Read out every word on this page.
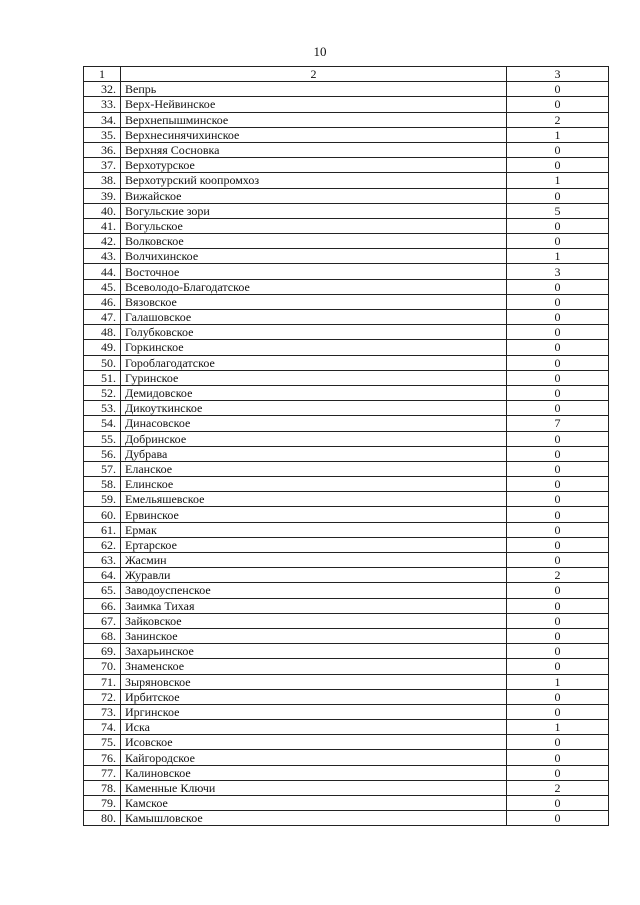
10
1	2	3
32.	Вепрь	0
33.	Верх-Нейвинское	0
34.	Верхнепышминское	2
35.	Верхнесинячихинское	1
36.	Верхняя Сосновка	0
37.	Верхотурское	0
38.	Верхотурский коопромхоз	1
39.	Вижайское	0
40.	Вогульские зори	5
41.	Вогульское	0
42.	Волковское	0
43.	Волчихинское	1
44.	Восточное	3
45.	Всеволодо-Благодатское	0
46.	Вязовское	0
47.	Галашовское	0
48.	Голубковское	0
49.	Горкинское	0
50.	Гороблагодатское	0
51.	Гуринское	0
52.	Демидовское	0
53.	Дикоуткинское	0
54.	Динасовское	7
55.	Добринское	0
56.	Дубрава	0
57.	Еланское	0
58.	Елинское	0
59.	Емельяшевское	0
60.	Ервинское	0
61.	Ермак	0
62.	Ертарское	0
63.	Жасмин	0
64.	Журавли	2
65.	Заводоуспенское	0
66.	Заимка Тихая	0
67.	Зайковское	0
68.	Занинское	0
69.	Захарьинское	0
70.	Знаменское	0
71.	Зыряновское	1
72.	Ирбитское	0
73.	Иргинское	0
74.	Иска	1
75.	Исовское	0
76.	Кайгородское	0
77.	Калиновское	0
78.	Каменные Ключи	2
79.	Камское	0
80.	Камышловское	0
